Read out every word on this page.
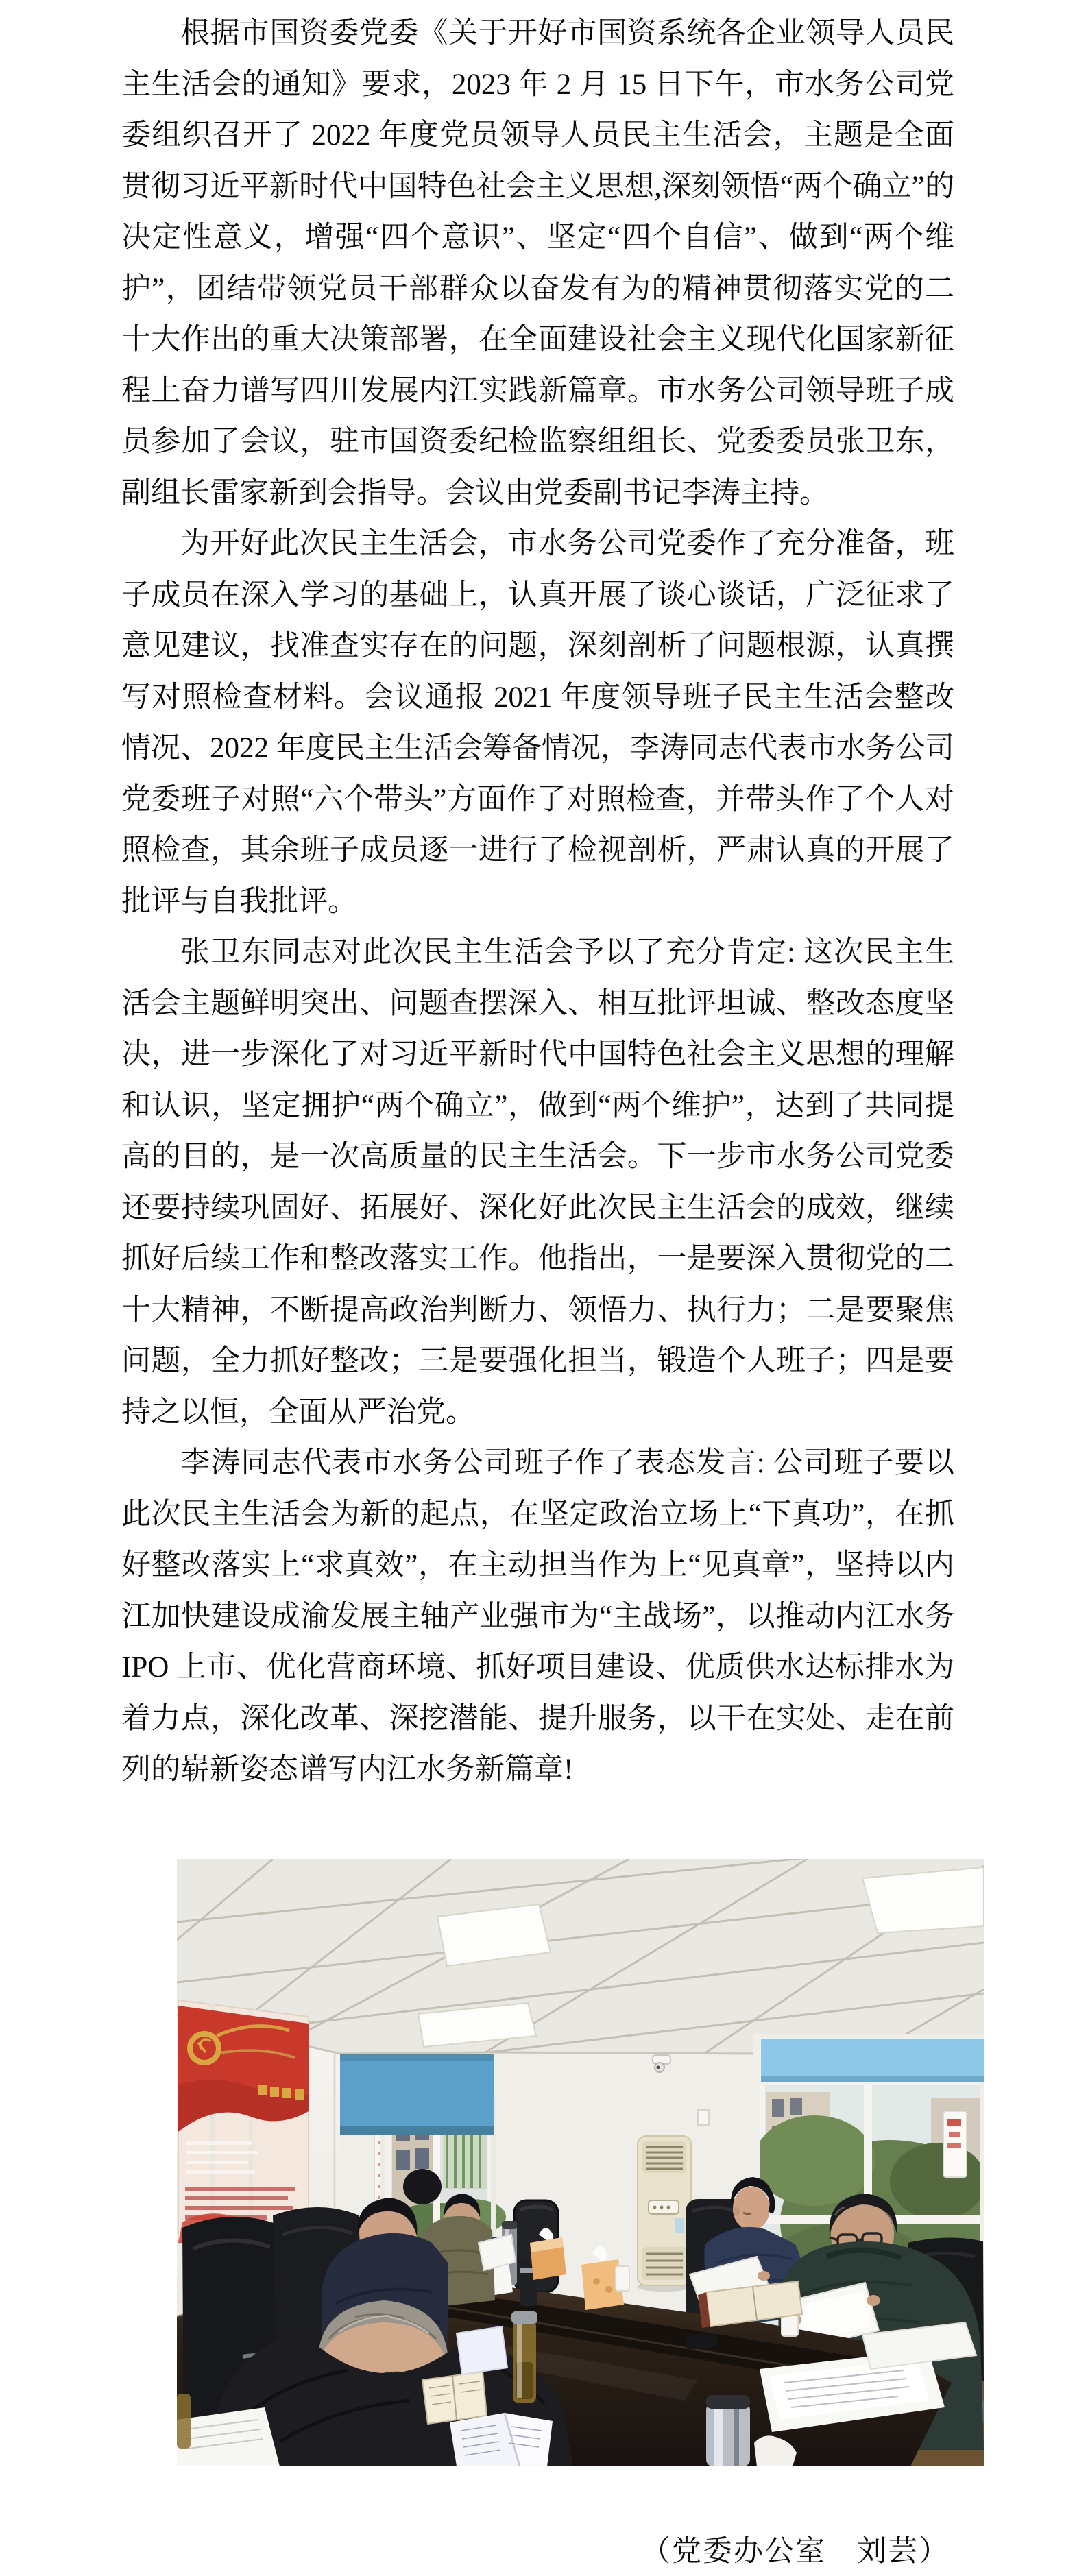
根据市国资委党委《关于开好市国资系统各企业领导人员民主生活会的通知》要求，2023 年 2 月 15 日下午，市水务公司党委组织召开了 2022 年度党员领导人员民主生活会，主题是全面贯彻习近平新时代中国特色社会主义思想,深刻领悟“两个确立”的决定性意义，增强“四个意识”、坚定“四个自信”、做到“两个维护”，团结带领党员干部群众以奋发有为的精神贯彻落实党的二十大作出的重大决策部署，在全面建设社会主义现代化国家新征程上奋力谱写四川发展内江实践新篇章。市水务公司领导班子成员参加了会议，驻市国资委纪检监察组组长、党委委员张卫东，副组长雷家新到会指导。会议由党委副书记李涛主持。

为开好此次民主生活会，市水务公司党委作了充分准备，班子成员在深入学习的基础上，认真开展了谈心谈话，广泛征求了意见建议，找准查实存在的问题，深刻剖析了问题根源，认真撰写对照检查材料。会议通报 2021 年度领导班子民主生活会整改情况、2022 年度民主生活会筹备情况，李涛同志代表市水务公司党委班子对照“六个带头”方面作了对照检查，并带头作了个人对照检查，其余班子成员逐一进行了检视剖析，严肃认真的开展了批评与自我批评。

张卫东同志对此次民主生活会予以了充分肯定: 这次民主生活会主题鲜明突出、问题查摆深入、相互批评坦诚、整改态度坚决，进一步深化了对习近平新时代中国特色社会主义思想的理解和认识，坚定拥护“两个确立”，做到“两个维护”，达到了共同提高的目的，是一次高质量的民主生活会。下一步市水务公司党委还要持续巩固好、拓展好、深化好此次民主生活会的成效，继续抓好后续工作和整改落实工作。他指出，一是要深入贯彻党的二十大精神，不断提高政治判断力、领悟力、执行力；二是要聚焦问题，全力抓好整改；三是要强化担当，锻造个人班子；四是要持之以恒，全面从严治党。

李涛同志代表市水务公司班子作了表态发言: 公司班子要以此次民主生活会为新的起点，在坚定政治立场上“下真功”，在抓好整改落实上“求真效”，在主动担当作为上“见真章”，坚持以内江加快建设成渝发展主轴产业强市为“主战场”，以推动内江水务 IPO 上市、优化营商环境、抓好项目建设、优质供水达标排水为着力点，深化改革、深挖潜能、提升服务，以干在实处、走在前列的崭新姿态谱写内江水务新篇章!

（党委办公室　刘芸）
